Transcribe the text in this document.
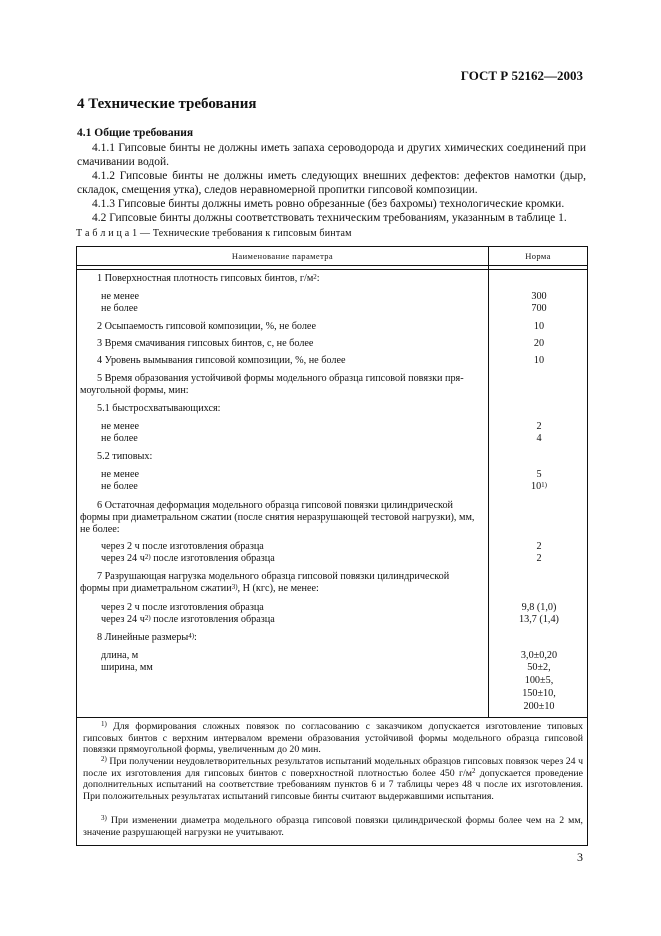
ГОСТ Р 52162—2003
4 Технические требования
4.1 Общие требования
4.1.1 Гипсовые бинты не должны иметь запаха сероводорода и других химических соединений при смачивании водой.
4.1.2 Гипсовые бинты не должны иметь следующих внешних дефектов: дефектов намотки (дыр, складок, смещения утка), следов неравномерной пропитки гипсовой композиции.
4.1.3 Гипсовые бинты должны иметь ровно обрезанные (без бахромы) технологические кромки.
4.2 Гипсовые бинты должны соответствовать техническим требованиям, указанным в таблице 1.
Т а б л и ц а 1 — Технические требования к гипсовым бинтам
Наименование параметра	Норма
1 Поверхностная плотность гипсовых бинтов, $г/м^2$:
не менее	300
не более	700
2 Осыпаемость гипсовой композиции, %, не более	10
3 Время смачивания гипсовых бинтов, с, не более	20
4 Уровень вымывания гипсовой композиции, %, не более	10
5 Время образования устойчивой формы модельного образца гипсовой повязки пря-
моугольной формы, мин:
5.1 быстросхватывающихся:
не менее	2
не более	4
5.2 типовых:
не менее	5
не более	10$^{1)}$
6 Остаточная деформация модельного образца гипсовой повязки цилиндрической
формы при диаметральном сжатии (после снятия неразрушающей тестовой нагрузки), мм,
не более:
через 2 ч после изготовления образца	2
через 24 $ч^{2)}$ после изготовления образца	2
7 Разрушающая нагрузка модельного образца гипсовой повязки цилиндрической
формы при диаметральном сжатии$^{3)}$, Н (кгс), не менее:
через 2 ч после изготовления образца	9,8 (1,0)
через 24 $ч^{2)}$ после изготовления образца	13,7 (1,4)
8 Линейные размеры$^{4)}$:
длина, м	3,0±0,20
ширина, мм	50±2,
100±5,
150±10,
200±10
$^{1)}$ Для формирования сложных повязок по согласованию с заказчиком допускается изготовление типовых гипсовых бинтов с верхним интервалом времени образования устойчивой формы модельного образца гипсовой повязки прямоугольной формы, увеличенным до 20 мин.
$^{2)}$ При получении неудовлетворительных результатов испытаний модельных образцов гипсовых повязок через 24 ч после их изготовления для гипсовых бинтов с поверхностной плотностью более 450 $г/м^2$ допускается проведение дополнительных испытаний на соответствие требованиям пунктов 6 и 7 таблицы через 48 ч после их изготовления. При положительных результатах испытаний гипсовые бинты считают выдержавшими испытания.
$^{3)}$ При изменении диаметра модельного образца гипсовой повязки цилиндрической формы более чем на 2 мм, значение разрушающей нагрузки не учитывают.
3
